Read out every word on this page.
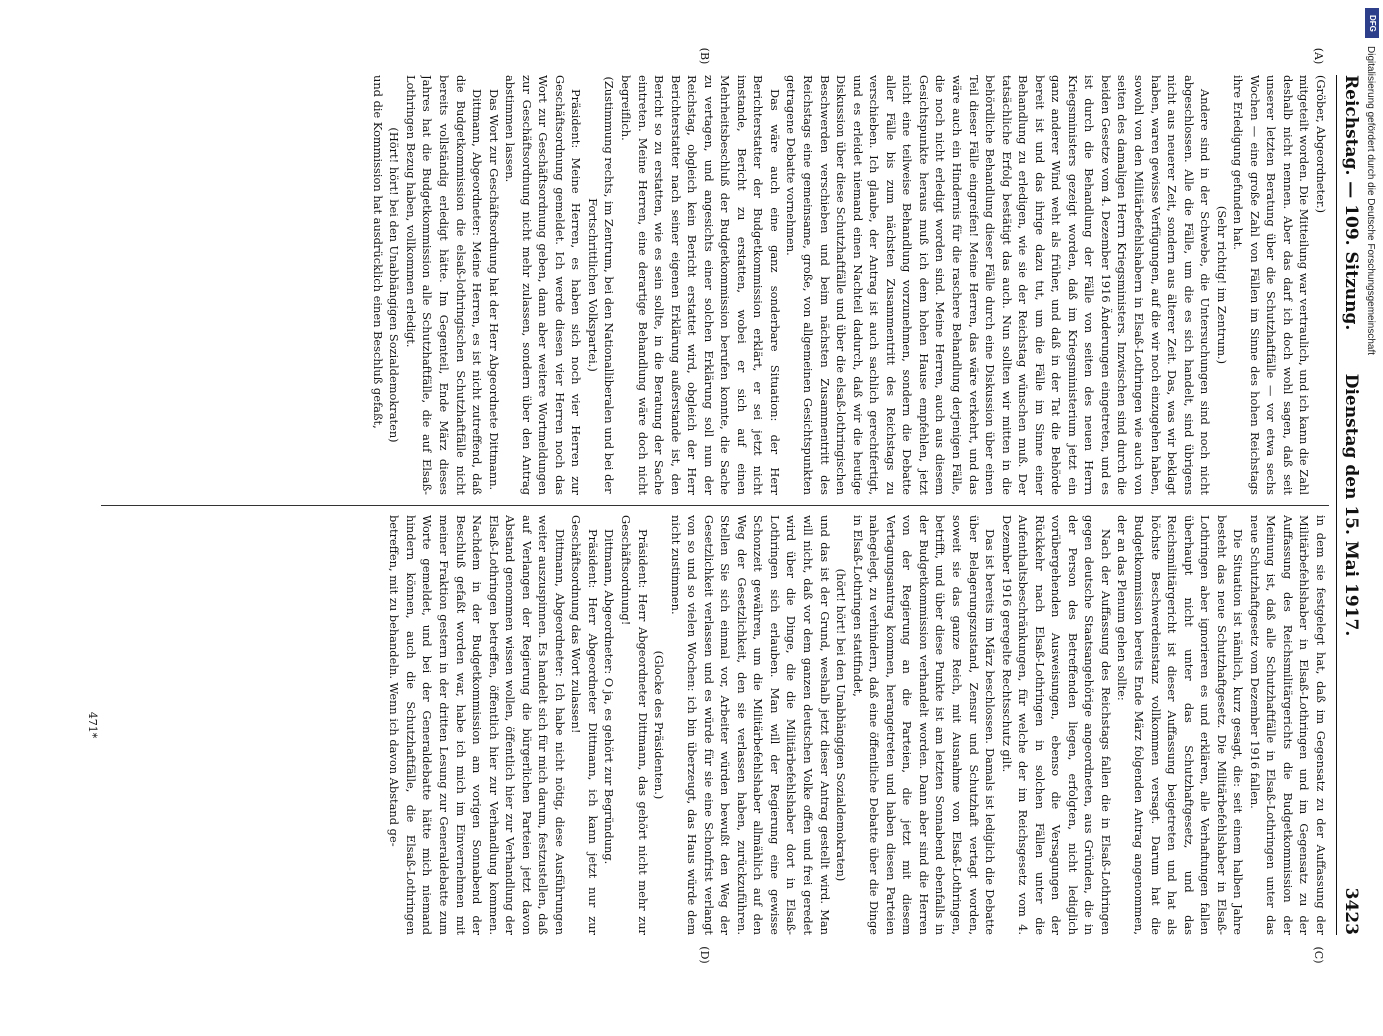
Reichstag. — 109. Sitzung.
Dienstag den 15. Mai 1917.
3423
(A)
(B)
(C)
(D)

(Gröber, Abgeordneter.)

mitgeteilt worden. Die Mitteilung war vertraulich, und ich kann die Zahl deshalb nicht nennen. Aber das darf ich doch wohl sagen, daß seit unserer letzten Beratung über die Schutzhaftfälle — vor etwa sechs Wochen — eine große Zahl von Fällen im Sinne des hohen Reichstags ihre Erledigung gefunden hat.

(Sehr richtig! im Zentrum.)

Andere sind in der Schwebe, die Untersuchungen sind noch nicht abgeschlossen. Alle die Fälle, um die es sich handelt, sind übrigens nicht aus neuerer Zeit, sondern aus älterer Zeit. Das, was wir beklagt haben, waren gewisse Verfügungen, auf die wir noch einzugehen haben, sowohl von den Militärbefehlshabern in Elsaß-Lothringen wie auch von seiten des damaligen Herrn Kriegsministers. Inzwischen sind durch die beiden Gesetze vom 4. Dezember 1916 Änderungen eingetreten, und es ist durch die Behandlung der Fälle von seiten des neuen Herrn Kriegsministers gezeigt worden, daß im Kriegsministerium jetzt ein ganz anderer Wind weht als früher, und daß in der Tat die Behörde bereit ist und das ihrige dazu tut, um die Fälle im Sinne einer Behandlung zu erledigen, wie sie der Reichstag wünschen muß. Der tatsächliche Erfolg bestätigt das auch. Nun sollten wir mitten in die behördliche Behandlung dieser Fälle durch eine Diskussion über einen Teil dieser Fälle eingreifen! Meine Herren, das wäre verkehrt, und das wäre auch ein Hindernis für die raschere Behandlung derjenigen Fälle, die noch nicht erledigt worden sind. Meine Herren, auch aus diesem Gesichtspunkte heraus muß ich dem hohen Hause empfehlen, jetzt nicht eine teilweise Behandlung vorzunehmen, sondern die Debatte aller Fälle bis zum nächsten Zusammentritt des Reichstags zu verschieben. Ich glaube, der Antrag ist auch sachlich gerechtfertigt, und es erleidet niemand einen Nachteil dadurch, daß wir die heutige Diskussion über diese Schutzhaftfälle und über die elsaß-lothringischen Beschwerden verschieben und beim nächsten Zusammentritt des Reichstags eine gemeinsame, große, von allgemeinen Gesichtspunkten getragene Debatte vornehmen.

Das wäre auch eine ganz sonderbare Situation: der Herr Berichterstatter der Budgetkommission erklärt, er sei jetzt nicht imstande, Bericht zu erstatten, wobei er sich auf einen Mehrheitsbeschluß der Budgetkommission berufen konnte, die Sache zu vertagen, und angesichts einer solchen Erklärung soll nun der Reichstag, obgleich kein Bericht erstattet wird, obgleich der Herr Berichterstatter nach seiner eigenen Erklärung außerstande ist, den Bericht so zu erstatten, wie es sein sollte, in die Beratung der Sache eintreten. Meine Herren, eine derartige Behandlung wäre doch nicht begreiflich.

(Zustimmung rechts, im Zentrum, bei den Nationalliberalen und bei der Fortschrittlichen Volkspartei.)

Präsident: Meine Herren, es haben sich noch vier Herren zur Geschäftsordnung gemeldet. Ich werde diesen vier Herren noch das Wort zur Geschäftsordnung geben, dann aber weitere Wortmeldungen zur Geschäftsordnung nicht mehr zulassen, sondern über den Antrag abstimmen lassen.

Das Wort zur Geschäftsordnung hat der Herr Abgeordnete Dittmann.

Dittmann, Abgeordneter: Meine Herren, es ist nicht zutreffend, daß die Budgetkommission die elsaß-lothringischen Schutzhaftfälle nicht bereits vollständig erledigt hätte. Im Gegenteil, Ende März dieses Jahres hat die Budgetkommission alle Schutzhaftfälle, die auf Elsaß-Lothringen Bezug haben, vollkommen erledigt.

(Hört! hört! bei den Unabhängigen Sozialdemokraten)

und die Kommission hat ausdrücklich einen Beschluß gefaßt,

in dem sie festgelegt hat, daß im Gegensatz zu der Auffassung der Militärbefehlshaber in Elsaß-Lothringen und im Gegensatz zu der Auffassung des Reichsmilitärgerichts die Budgetkommission der Meinung ist, daß alle Schutzhaftfälle in Elsaß-Lothringen unter das neue Schutzhaftgesetz vom Dezember 1916 fallen.

Die Situation ist nämlich, kurz gesagt, die: seit einem halben Jahre besteht das neue Schutzhaftgesetz. Die Militärbefehlshaber in Elsaß-Lothringen aber ignorieren es und erklären, alle Verhaftungen fallen überhaupt nicht unter das Schutzhaftgesetz, und das Reichsmilitärgericht ist dieser Auffassung beigetreten und hat als höchste Beschwerdeinstanz vollkommen versagt. Darum hat die Budgetkommission bereits Ende März folgenden Antrag angenommen, der an das Plenum gehen sollte:

Nach der Auffassung des Reichstags fallen die in Elsaß-Lothringen gegen deutsche Staatsangehörige angeordneten, aus Gründen, die in der Person des Betreffenden liegen, erfolgten, nicht lediglich vorübergehenden Ausweisungen, ebenso die Versagungen der Rückkehr nach Elsaß-Lothringen in solchen Fällen unter die Aufenthaltsbeschränkungen, für welche der im Reichsgesetz vom 4. Dezember 1916 geregelte Rechtsschutz gilt.

Das ist bereits im März beschlossen. Damals ist lediglich die Debatte über Belagerungszustand, Zensur und Schutzhaft vertagt worden, soweit sie das ganze Reich, mit Ausnahme von Elsaß-Lothringen, betrifft, und über diese Punkte ist am letzten Sonnabend ebenfalls in der Budgetkommission verhandelt worden. Dann aber sind die Herren von der Regierung an die Parteien, die jetzt mit diesem Vertagungsantrag kommen, herangetreten und haben diesen Parteien nahegelegt, zu verhindern, daß eine öffentliche Debatte über die Dinge in Elsaß-Lothringen stattfindet,

(hört! hört! bei den Unabhängigen Sozialdemokraten)

und das ist der Grund, weshalb jetzt dieser Antrag gestellt wird. Man will nicht, daß vor dem ganzen deutschen Volke offen und frei geredet wird über die Dinge, die die Militärbefehlshaber dort in Elsaß-Lothringen sich erlauben. Man will der Regierung eine gewisse Schonzeit gewähren, um die Militärbefehlshaber allmählich auf den Weg der Gesetzlichkeit, den sie verlassen haben, zurückzuführen. Stellen Sie sich einmal vor, Arbeiter würden bewußt den Weg der Gesetzlichkeit verlassen und es würde für sie eine Schonfrist verlangt von so und so vielen Wochen: ich bin überzeugt, das Haus würde dem nicht zustimmen.

(Glocke des Präsidenten.)

Präsident: Herr Abgeordneter Dittmann, das gehört nicht mehr zur Geschäftsordnung!

Dittmann, Abgeordneter: O ja, es gehört zur Begründung.

Präsident: Herr Abgeordneter Dittmann, ich kann jetzt nur zur Geschäftsordnung das Wort zulassen!

Dittmann, Abgeordneter: Ich habe nicht nötig, diese Ausführungen weiter auszuspinnen. Es handelt sich für mich darum, festzustellen, daß auf Verlangen der Regierung die bürgerlichen Parteien jetzt davon Abstand genommen wissen wollen, öffentlich hier zur Verhandlung der Elsaß-Lothringen betreffen, öffentlich hier zur Verhandlung kommen. Nachdem in der Budgetkommission am vorigen Sonnabend der Beschluß gefaßt worden war, habe ich mich im Einvernehmen mit meiner Fraktion gestern in der dritten Lesung zur Generaldebatte zum Worte gemeldet, und bei der Generaldebatte hätte mich niemand hindern können, auch die Schutzhaftfälle, die Elsaß-Lothringen betreffen, mit zu behandeln. Wenn ich davon Abstand ge-

471*
DFG
Digitalisierung gefördert durch die Deutsche Forschungsgemeinschaft
